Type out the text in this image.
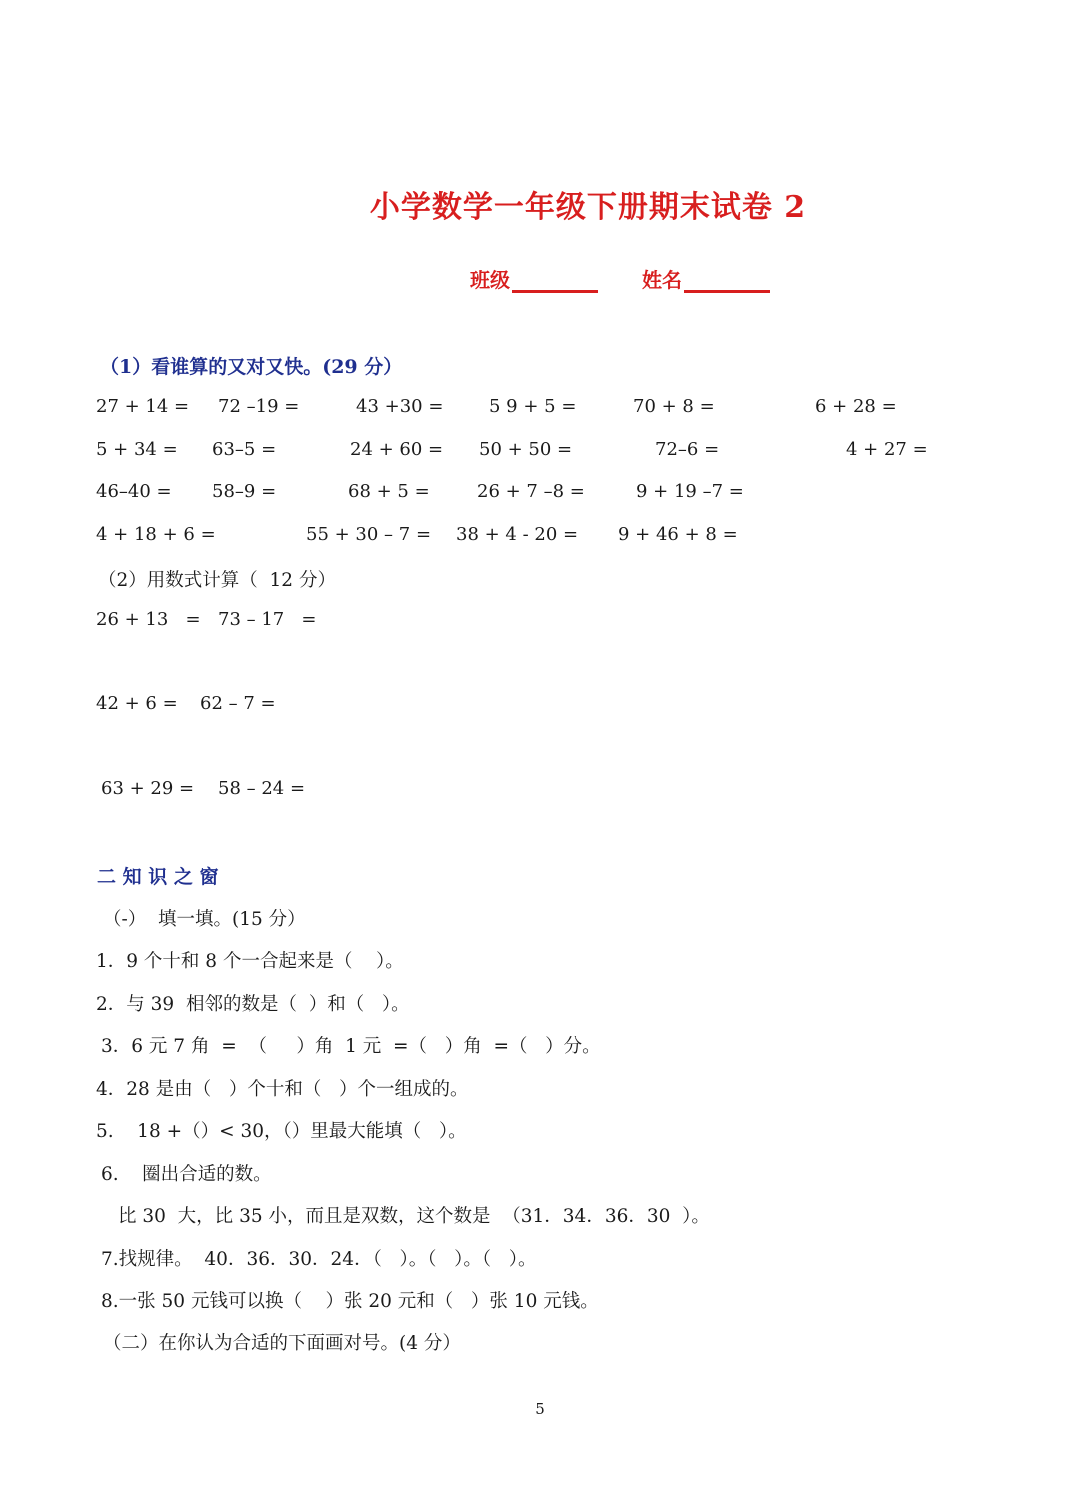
小学数学一年级下册期末试卷 2
班级	姓名
（1）看谁算的又对又快。(29 分）
27 + 14 = 72 –19 =	43 +30 =	5 9 + 5 =	70 + 8 =	6 + 28 =
5 + 34 = 63–5 =	24 + 60 = 50 + 50 =	72–6 =	4 + 27 =
46–40 = 58–9 =	68 + 5 =	26 + 7 –8 =	9 + 19 –7 =
4 + 18 + 6 =	55 + 30 – 7 = 38 + 4 - 20 = 9 + 46 + 8 =
（2）用数式计算（  12 分）
26 + 13   = 73 – 17   =
42 + 6 = 62 – 7 =
63 + 29 = 58 – 24 =
二 知 识 之 窗
（-）  填一填。(15 分）
1．9 个十和 8 个一合起来是（    ）。
2．与 39  相邻的数是（  ）和（   ）。
3．6 元 7 角  =  （     ）角  1 元  =（   ）角  =（   ）分。
4．28 是由（   ）个十和（   ）个一组成的。
5.    18 +（）< 30，（）里最大能填（   ）。
6.    圈出合适的数。
比 30  大，比 35 小，而且是双数，这个数是  （31．34．36．30  ）。
7.找规律。  40．36．30．24．（   ）。（   ）。（   ）。
8.一张 50 元钱可以换（    ）张 20 元和（   ）张 10 元钱。
（二）在你认为合适的下面画对号。(4 分）
5
